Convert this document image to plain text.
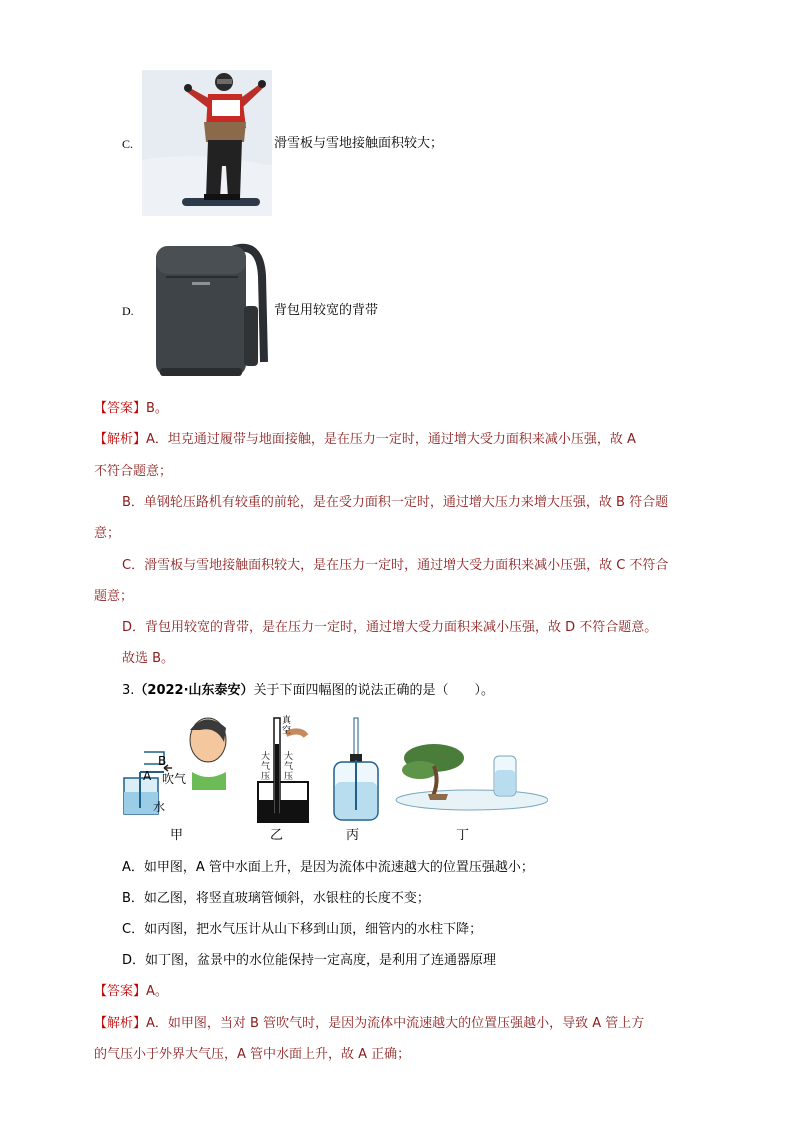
C.	滑雪板与雪地接触面积较大；
D.	背包用较宽的背带
【答案】B。
【解析】A．坦克通过履带与地面接触，是在压力一定时，通过增大受力面积来减小压强，故 A
不符合题意；
B．单钢轮压路机有较重的前轮，是在受力面积一定时，通过增大压力来增大压强，故 B 符合题
意；
C．滑雪板与雪地接触面积较大，是在压力一定时，通过增大受力面积来减小压强，故 C 不符合
题意；
D．背包用较宽的背带，是在压力一定时，通过增大受力面积来减小压强，故 D 不符合题意。
故选 B。
3.（2022·山东泰安）关于下面四幅图的说法正确的是（　　）。
B
A 吹气
水
甲
真空
大气压
大气压
乙	丙	丁
A．如甲图，A 管中水面上升，是因为流体中流速越大的位置压强越小；
B．如乙图，将竖直玻璃管倾斜，水银柱的长度不变；
C．如丙图，把水气压计从山下移到山顶，细管内的水柱下降；
D．如丁图，盆景中的水位能保持一定高度，是利用了连通器原理
【答案】A。
【解析】A．如甲图，当对 B 管吹气时，是因为流体中流速越大的位置压强越小，导致 A 管上方
的气压小于外界大气压，A 管中水面上升，故 A 正确；
